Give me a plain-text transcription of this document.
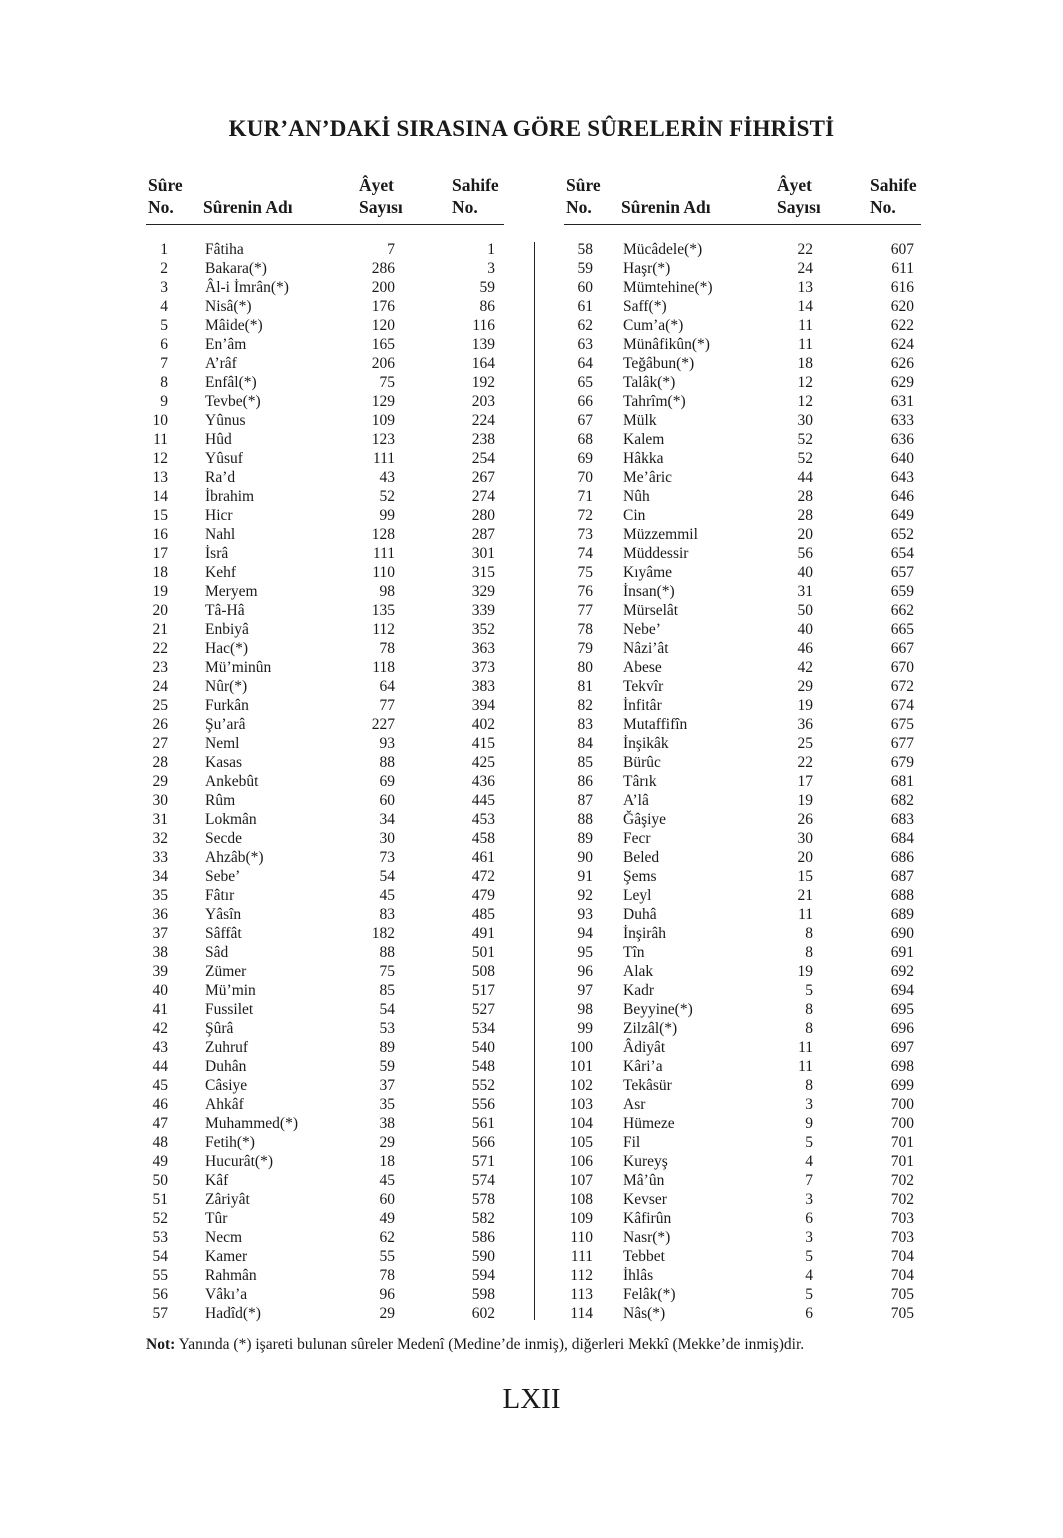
KUR’AN’DAKİ SIRASINA GÖRE SÛRELERİN FİHRİSTİ
Sûre
No.	Sûrenin Adı
Âyet
Sayısı
Sahife
No.
1 Fâtiha	7	1
2 Bakara(*)	286	3
3 Âl-i İmrân(*)	200	59
4 Nisâ(*)	176	86
5 Mâide(*)	120	116
6 En’âm	165	139
7 A’râf	206	164
8 Enfâl(*)	75	192
9 Tevbe(*)	129	203
10 Yûnus	109	224
11 Hûd	123	238
12 Yûsuf	111	254
13 Ra’d	43	267
14 İbrahim	52	274
15 Hicr	99	280
16 Nahl	128	287
17 İsrâ	111	301
18 Kehf	110	315
19 Meryem	98	329
20 Tâ-Hâ	135	339
21 Enbiyâ	112	352
22 Hac(*)	78	363
23 Mü’minûn	118	373
24 Nûr(*)	64	383
25 Furkân	77	394
26 Şu’arâ	227	402
27 Neml	93	415
28 Kasas	88	425
29 Ankebût	69	436
30 Rûm	60	445
31 Lokmân	34	453
32 Secde	30	458
33 Ahzâb(*)	73	461
34 Sebe’	54	472
35 Fâtır	45	479
36 Yâsîn	83	485
37 Sâffât	182	491
38 Sâd	88	501
39 Zümer	75	508
40 Mü’min	85	517
41 Fussilet	54	527
42 Şûrâ	53	534
43 Zuhruf	89	540
44 Duhân	59	548
45 Câsiye	37	552
46 Ahkâf	35	556
47 Muhammed(*)	38	561
48 Fetih(*)	29	566
49 Hucurât(*)	18	571
50 Kâf	45	574
51 Zâriyât	60	578
52 Tûr	49	582
53 Necm	62	586
54 Kamer	55	590
55 Rahmân	78	594
56 Vâkı’a	96	598
57 Hadîd(*)	29	602
Sûre
No.	Sûrenin Adı
Âyet
Sayısı
Sahife
No.
58 Mücâdele(*)	22	607
59 Haşr(*)	24	611
60 Mümtehine(*)	13	616
61 Saff(*)	14	620
62 Cum’a(*)	11	622
63 Münâfikûn(*)	11	624
64 Teğâbun(*)	18	626
65 Talâk(*)	12	629
66 Tahrîm(*)	12	631
67 Mülk	30	633
68 Kalem	52	636
69 Hâkka	52	640
70 Me’âric	44	643
71 Nûh	28	646
72 Cin	28	649
73 Müzzemmil	20	652
74 Müddessir	56	654
75 Kıyâme	40	657
76 İnsan(*)	31	659
77 Mürselât	50	662
78 Nebe’	40	665
79 Nâzi’ât	46	667
80 Abese	42	670
81 Tekvîr	29	672
82 İnfitâr	19	674
83 Mutaffifîn	36	675
84 İnşikâk	25	677
85 Bürûc	22	679
86 Târık	17	681
87 A’lâ	19	682
88 Ğâşiye	26	683
89 Fecr	30	684
90 Beled	20	686
91 Şems	15	687
92 Leyl	21	688
93 Duhâ	11	689
94 İnşirâh	8	690
95 Tîn	8	691
96 Alak	19	692
97 Kadr	5	694
98 Beyyine(*)	8	695
99 Zilzâl(*)	8	696
100 Âdiyât	11	697
101 Kâri’a	11	698
102 Tekâsür	8	699
103 Asr	3	700
104 Hümeze	9	700
105 Fil	5	701
106 Kureyş	4	701
107 Mâ’ûn	7	702
108 Kevser	3	702
109 Kâfirûn	6	703
110 Nasr(*)	3	703
111 Tebbet	5	704
112 İhlâs	4	704
113 Felâk(*)	5	705
114 Nâs(*)	6	705
Not: Yanında (*) işareti bulunan sûreler Medenî (Medine’de inmiş), diğerleri Mekkî (Mekke’de inmiş)dir.
LXII
